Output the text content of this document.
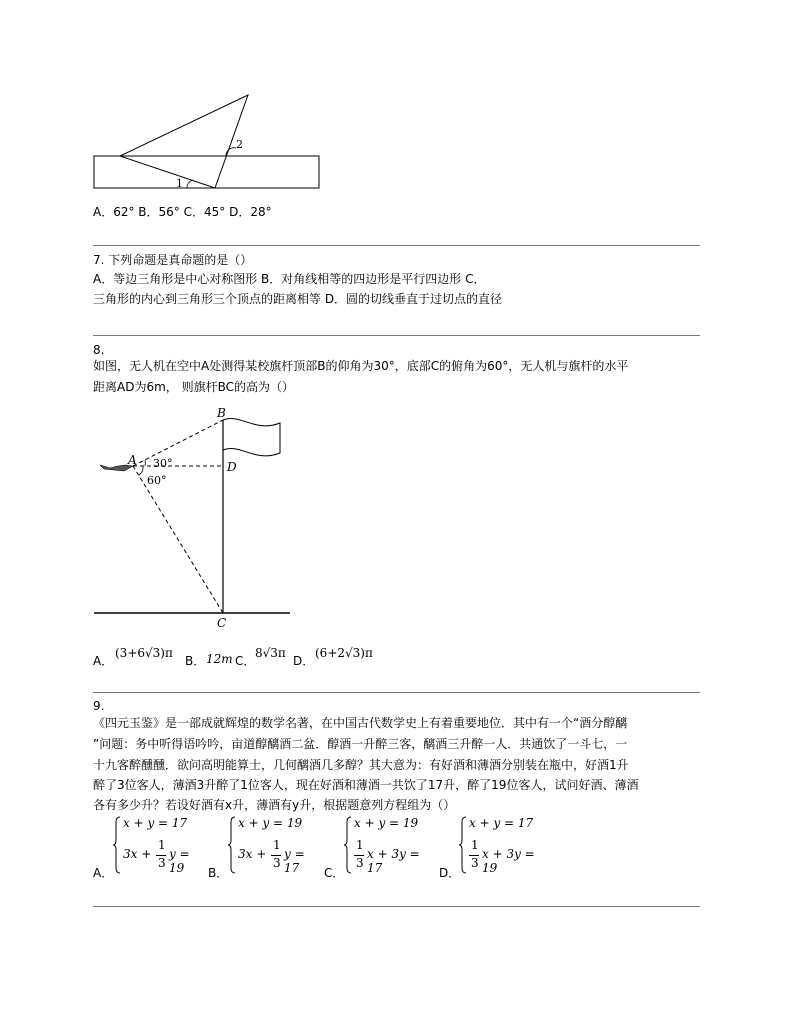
1
2
A．62° B．56° C．45° D．28°
7. 下列命题是真命题的是（）
A．等边三角形是中心对称图形 B．对角线相等的四边形是平行四边形 C．
三角形的内心到三角形三个顶点的距离相等 D．圆的切线垂直于过切点的直径
8.
如图，无人机在空中A处测得某校旗杆顶部B的仰角为30°，底部C的俯角为60°，无人机与旗杆的水平
距离AD为6m， 则旗杆BC的高为（）
A
B
D
C
30°
60°
A．
(3+6√3)π
B． 12m C．
8√3π
D．
(6+2√3)π
9.
《四元玉鉴》是一部成就辉煌的数学名著，在中国古代数学史上有着重要地位．其中有一个“酒分醇醨
”问题：务中听得语吟吟，亩道醇醨酒二盆．醇酒一升醉三客，醨酒三升醉一人．共通饮了一斗七，一
十九客醉醺醺．欲问高明能算士，几何醨酒几多醇？其大意为：有好酒和薄酒分别装在瓶中，好酒1升
醉了3位客人，薄酒3升醉了1位客人，现在好酒和薄酒一共饮了17升，醉了19位客人，试问好酒、薄酒
各有多少升？若设好酒有x升，薄酒有y升，根据题意列方程组为（）
A．
x + y = 17
3x +
1
3
y = 19	B．
x + y = 19
3x +
1
3
y = 17	C．
x + y = 19
1
3
x + 3y = 17	D．
x + y = 17
1
3
x + 3y = 19
